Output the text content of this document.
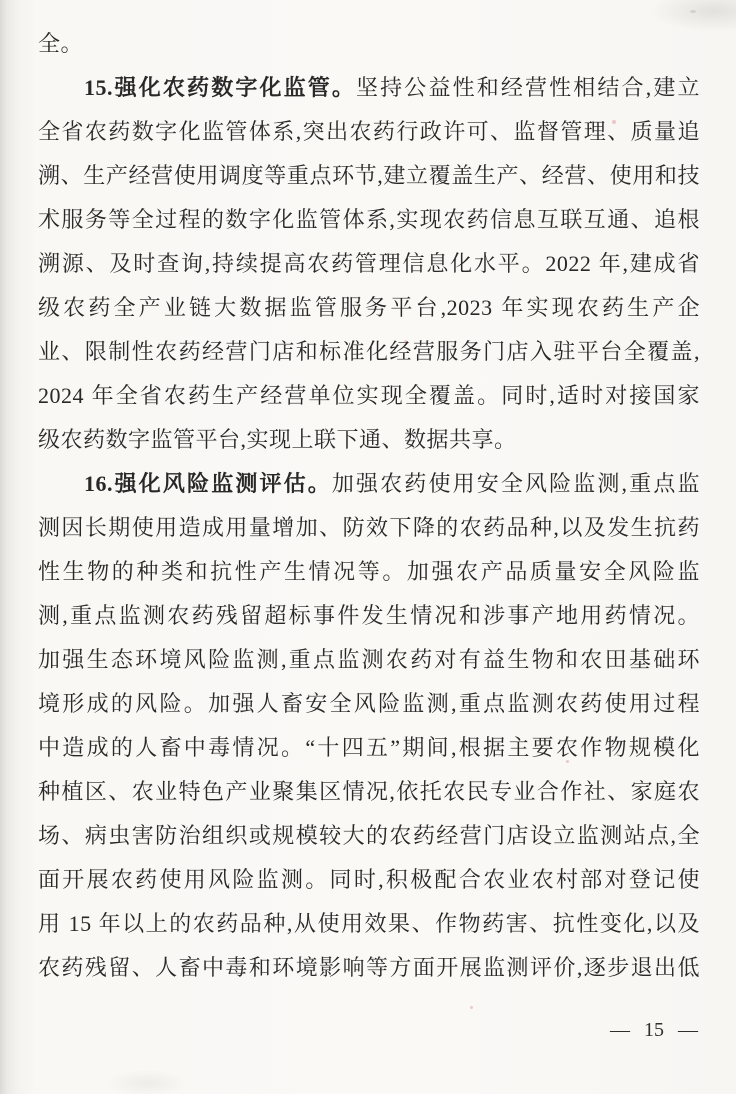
全。
15.强化农药数字化监管。坚持公益性和经营性相结合,建立
全省农药数字化监管体系,突出农药行政许可、监督管理、质量追
溯、生产经营使用调度等重点环节,建立覆盖生产、经营、使用和技
术服务等全过程的数字化监管体系,实现农药信息互联互通、追根
溯源、及时查询,持续提高农药管理信息化水平。2022 年,建成省
级农药全产业链大数据监管服务平台,2023 年实现农药生产企
业、限制性农药经营门店和标准化经营服务门店入驻平台全覆盖,
2024 年全省农药生产经营单位实现全覆盖。同时,适时对接国家
级农药数字监管平台,实现上联下通、数据共享。
16.强化风险监测评估。加强农药使用安全风险监测,重点监
测因长期使用造成用量增加、防效下降的农药品种,以及发生抗药
性生物的种类和抗性产生情况等。加强农产品质量安全风险监
测,重点监测农药残留超标事件发生情况和涉事产地用药情况。
加强生态环境风险监测,重点监测农药对有益生物和农田基础环
境形成的风险。加强人畜安全风险监测,重点监测农药使用过程
中造成的人畜中毒情况。“十四五”期间,根据主要农作物规模化
种植区、农业特色产业聚集区情况,依托农民专业合作社、家庭农
场、病虫害防治组织或规模较大的农药经营门店设立监测站点,全
面开展农药使用风险监测。同时,积极配合农业农村部对登记使
用 15 年以上的农药品种,从使用效果、作物药害、抗性变化,以及
农药残留、人畜中毒和环境影响等方面开展监测评价,逐步退出低
— 15 —
